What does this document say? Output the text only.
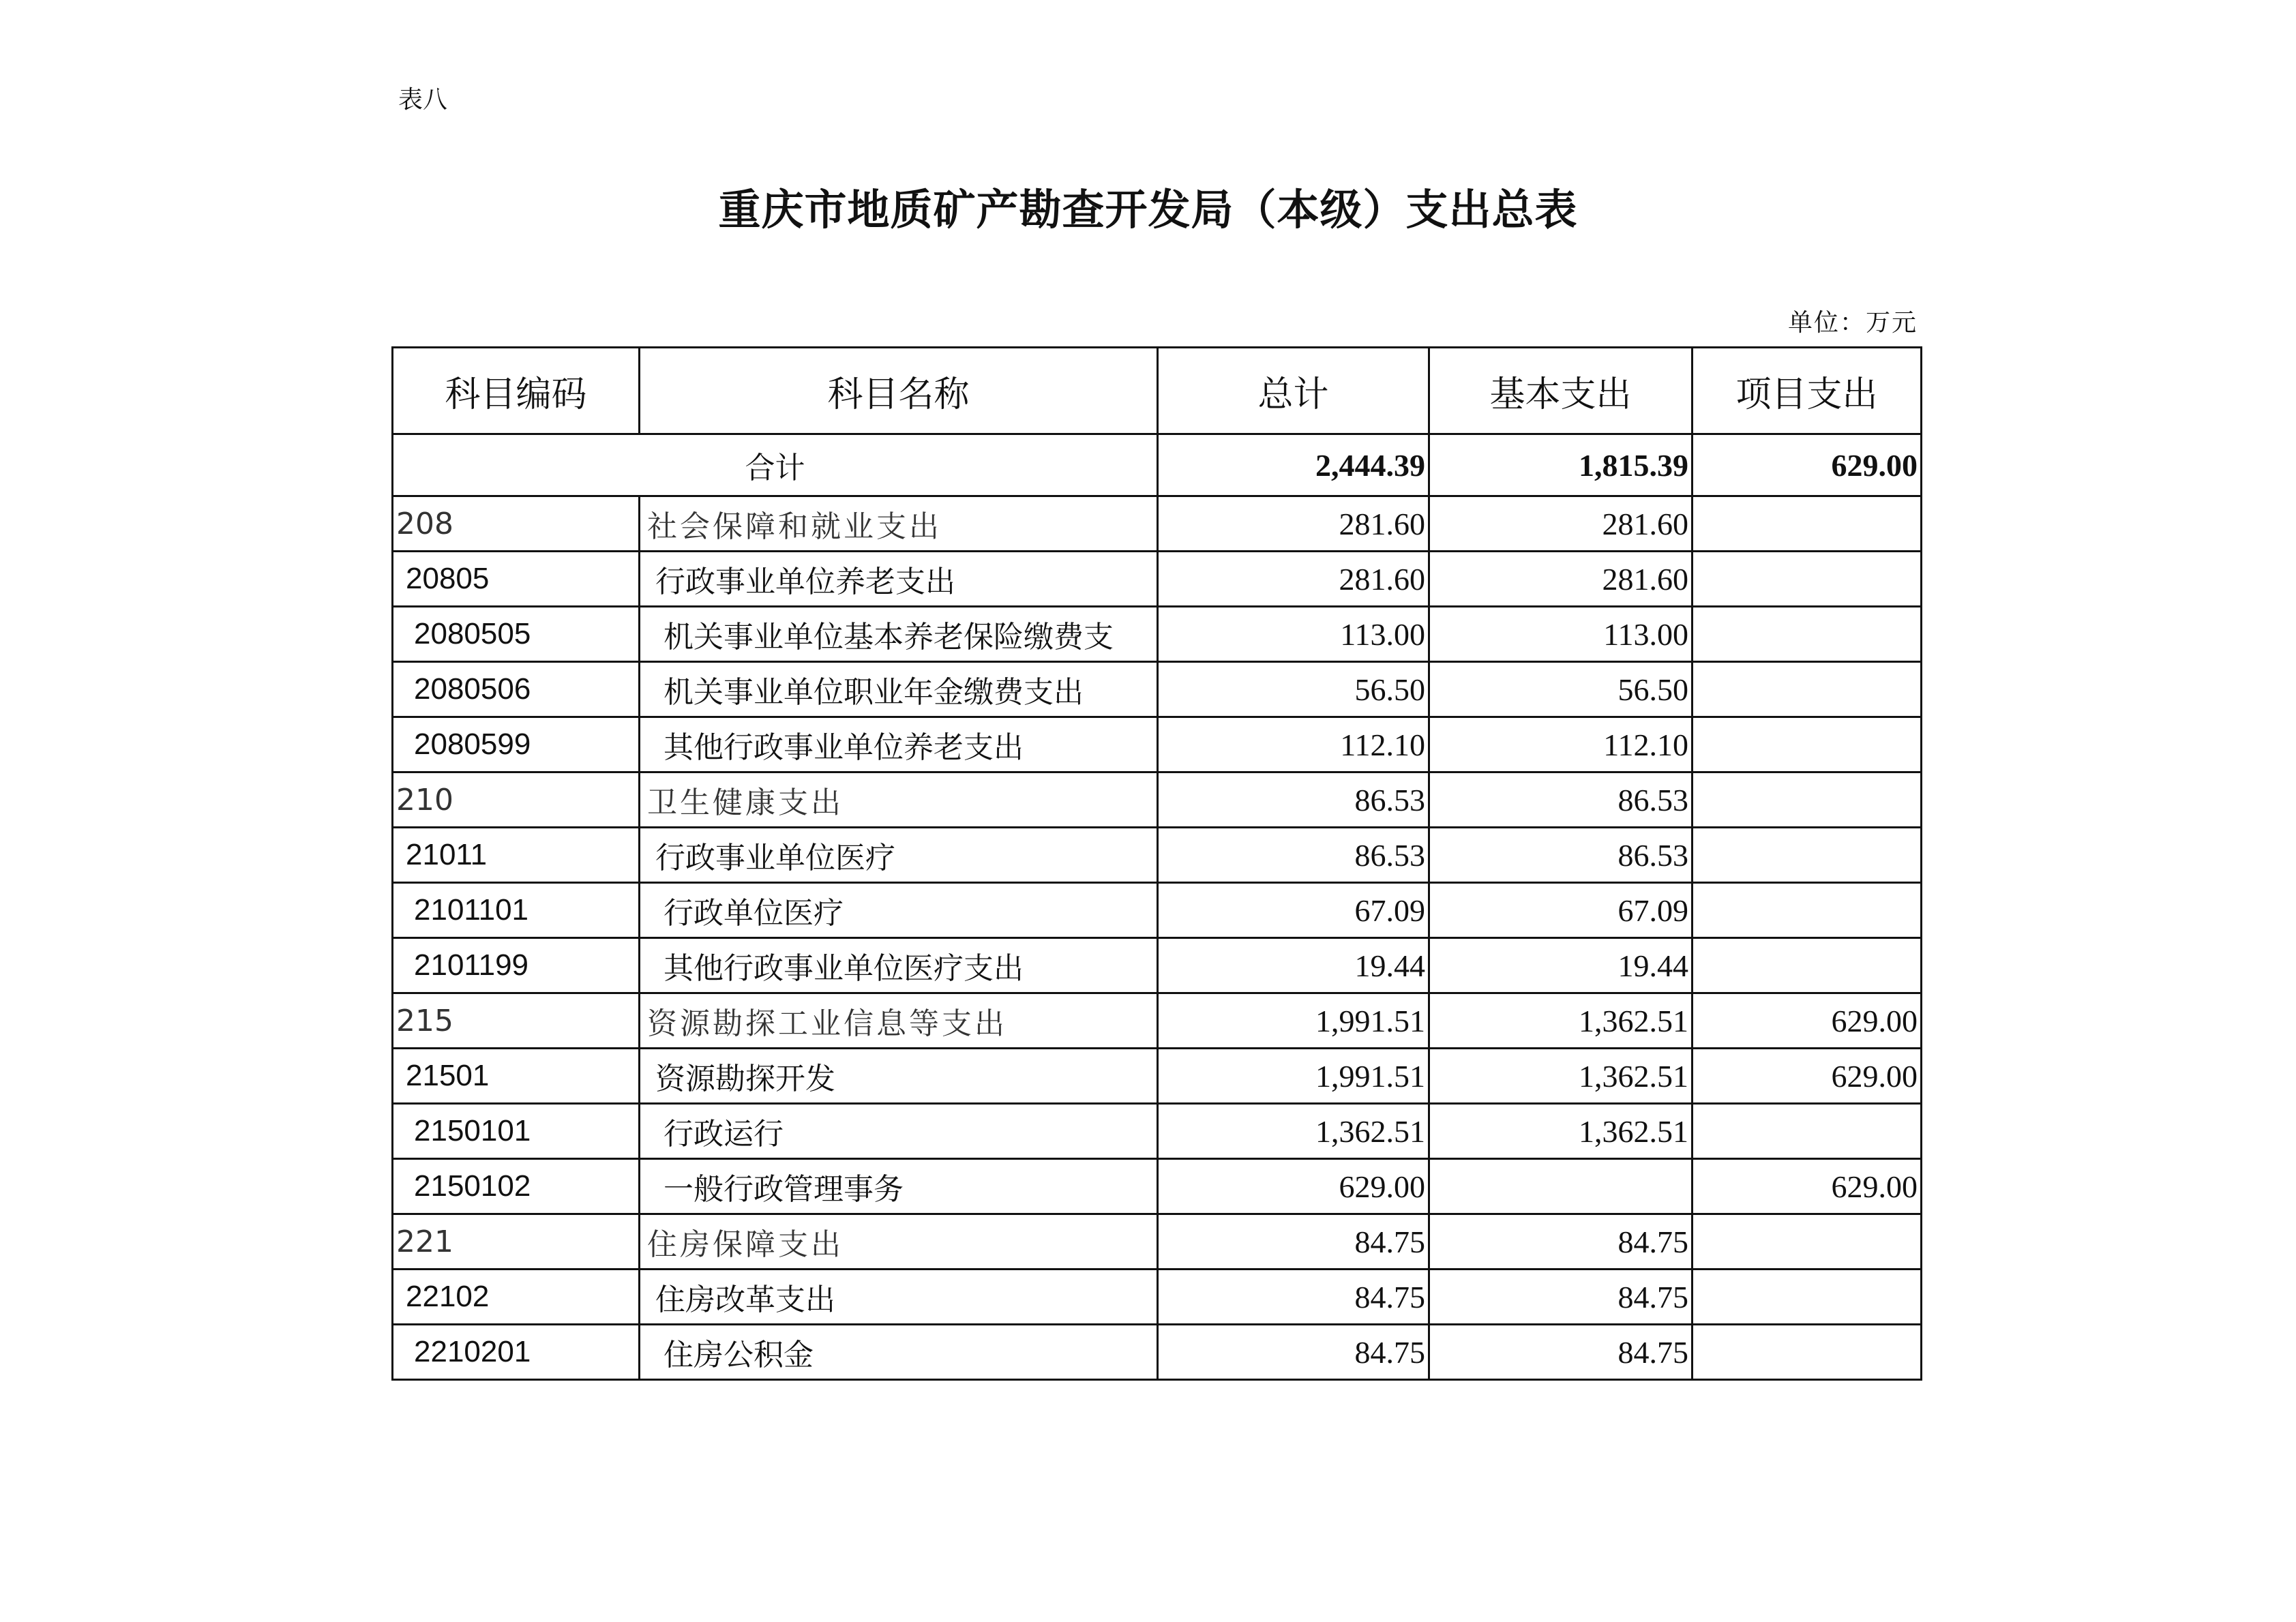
表八
重庆市地质矿产勘查开发局（本级）支出总表
单位：万元
科目编码	科目名称	总计	基本支出	项目支出
合计		2,444.39	1,815.39	629.00
208	社会保障和就业支出	281.60	281.60	
20805	行政事业单位养老支出	281.60	281.60	
2080505	机关事业单位基本养老保险缴费支	113.00	113.00	
2080506	机关事业单位职业年金缴费支出	56.50	56.50	
2080599	其他行政事业单位养老支出	112.10	112.10	
210	卫生健康支出	86.53	86.53	
21011	行政事业单位医疗	86.53	86.53	
2101101	行政单位医疗	67.09	67.09	
2101199	其他行政事业单位医疗支出	19.44	19.44	
215	资源勘探工业信息等支出	1,991.51	1,362.51	629.00
21501	资源勘探开发	1,991.51	1,362.51	629.00
2150101	行政运行	1,362.51	1,362.51	
2150102	一般行政管理事务	629.00		629.00
221	住房保障支出	84.75	84.75	
22102	住房改革支出	84.75	84.75	
2210201	住房公积金	84.75	84.75	
